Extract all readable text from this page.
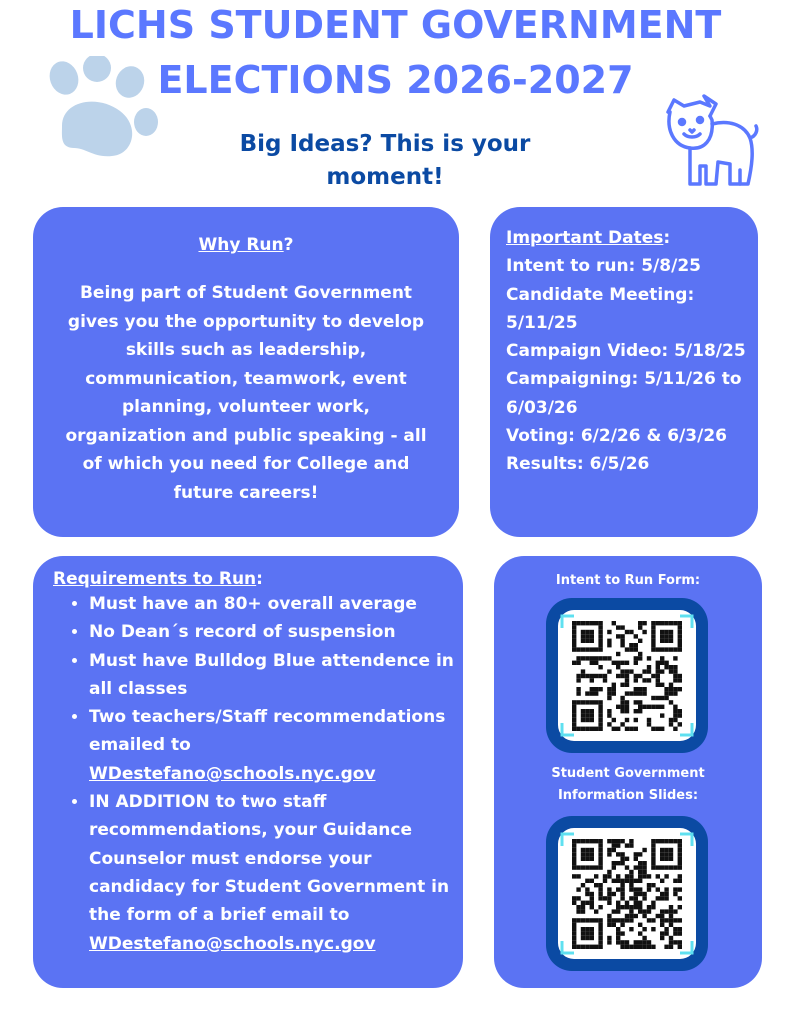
LICHS STUDENT GOVERNMENT
ELECTIONS 2026-2027
Big Ideas? This is your
moment!
Why Run?
Being part of Student Government gives you the opportunity to develop skills such as leadership, communication, teamwork, event planning, volunteer work, organization and public speaking - all of which you need for College and future careers!
Important Dates:
Intent to run: 5/8/25
Candidate Meeting: 5/11/25
Campaign Video: 5/18/25
Campaigning: 5/11/26 to 6/03/26
Voting: 6/2/26 & 6/3/26
Results: 6/5/26
Requirements to Run:
• Must have an 80+ overall average
• No Dean´s record of suspension
• Must have Bulldog Blue attendence in all classes
• Two teachers/Staff recommendations emailed to
WDestefano@schools.nyc.gov
• IN ADDITION to two staff recommendations, your Guidance Counselor must endorse your candidacy for Student Government in the form of a brief email to
WDestefano@schools.nyc.gov
Intent to Run Form:
Student Government
Information Slides:
